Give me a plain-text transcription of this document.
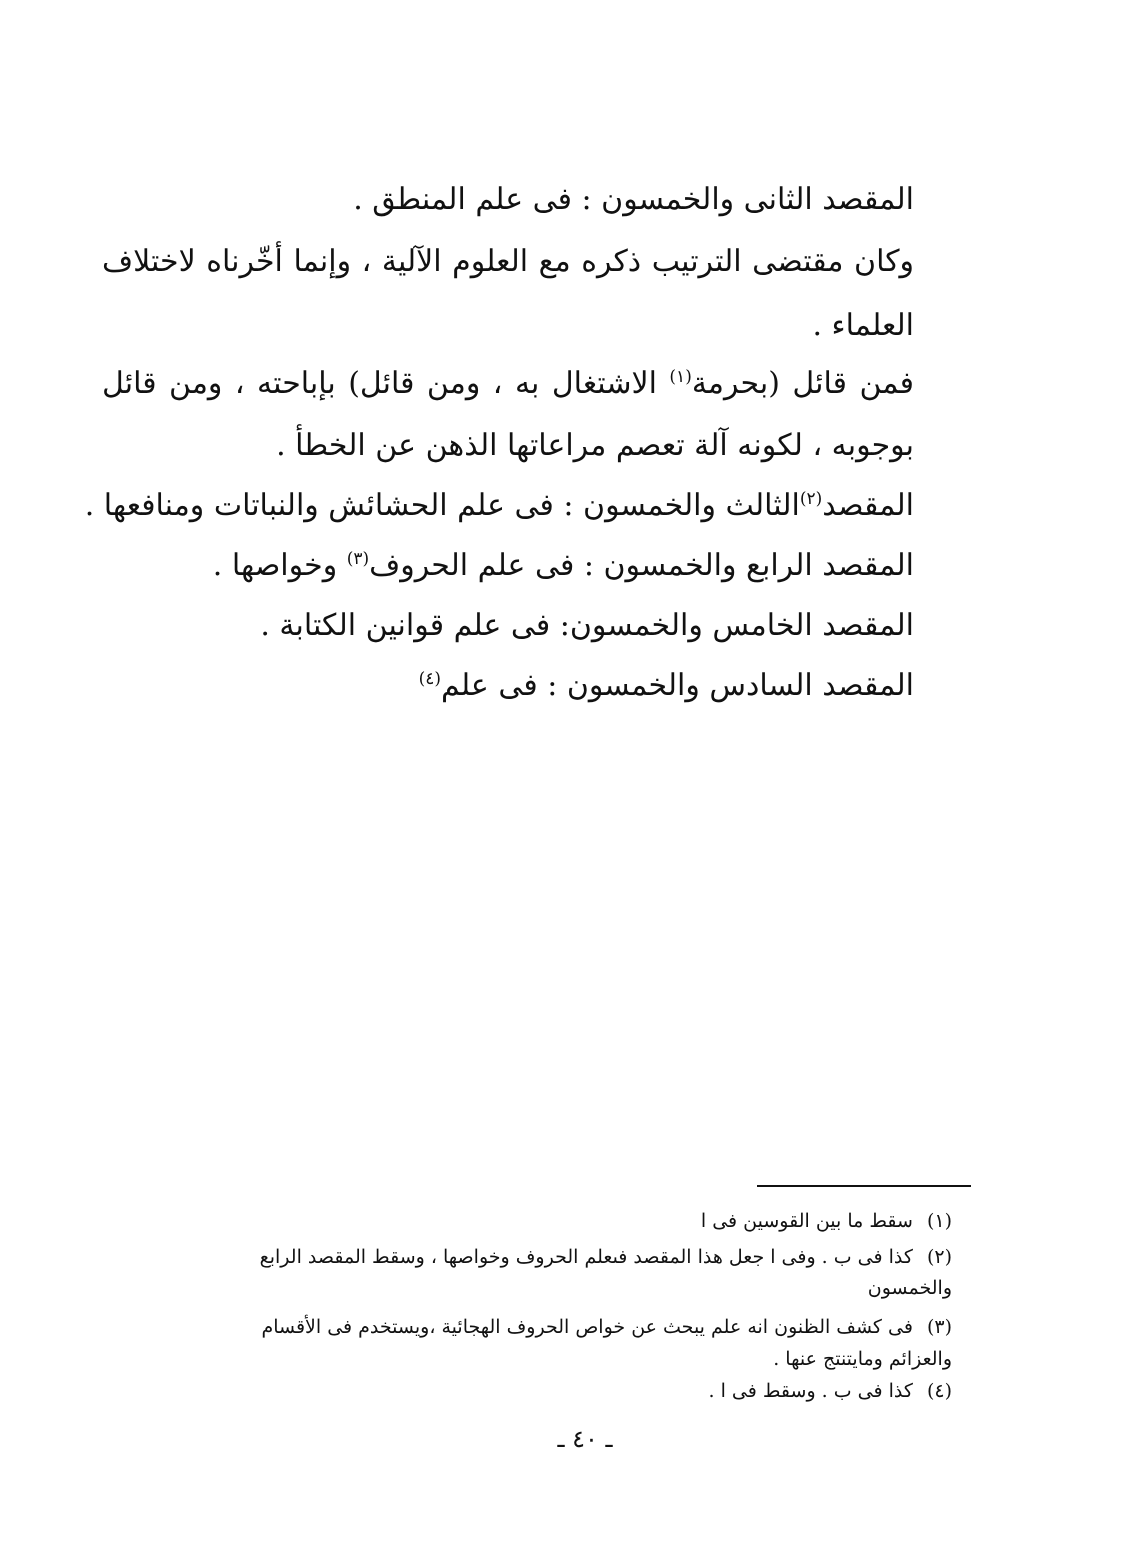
المقصد الثانى والخمسون : فى علم المنطق .
وكان مقتضى الترتيب ذكره مع العلوم الآلية ، وإنما أخّرناه لاختلاف
العلماء .
فمن قائل (بحرمة$^{(١)}$ الاشتغال به ، ومن قائل) بإباحته ، ومن قائل
بوجوبه ، لكونه آلة تعصم مراعاتها الذهن عن الخطأ .
المقصد$^{(٢)}$الثالث والخمسون : فى علم الحشائش والنباتات ومنافعها .
المقصد الرابع والخمسون : فى علم الحروف$^{(٣)}$ وخواصها .
المقصد الخامس والخمسون: فى علم قوانين الكتابة .
المقصد السادس والخمسون : فى علم$^{(٤)}$
(١)سقط ما بين القوسين فى ا
(٢)كذا فى ب . وفى ا جعل هذا المقصد فىعلم الحروف وخواصها ، وسقط المقصد الرابع
والخمسون
(٣)فى كشف الظنون انه علم يبحث عن خواص الحروف الهجائية ،ويستخدم فى الأقسام
والعزائم ومايتنتج عنها .
(٤)كذا فى ب . وسقط فى ا .
ـ ٤٠ ـ
